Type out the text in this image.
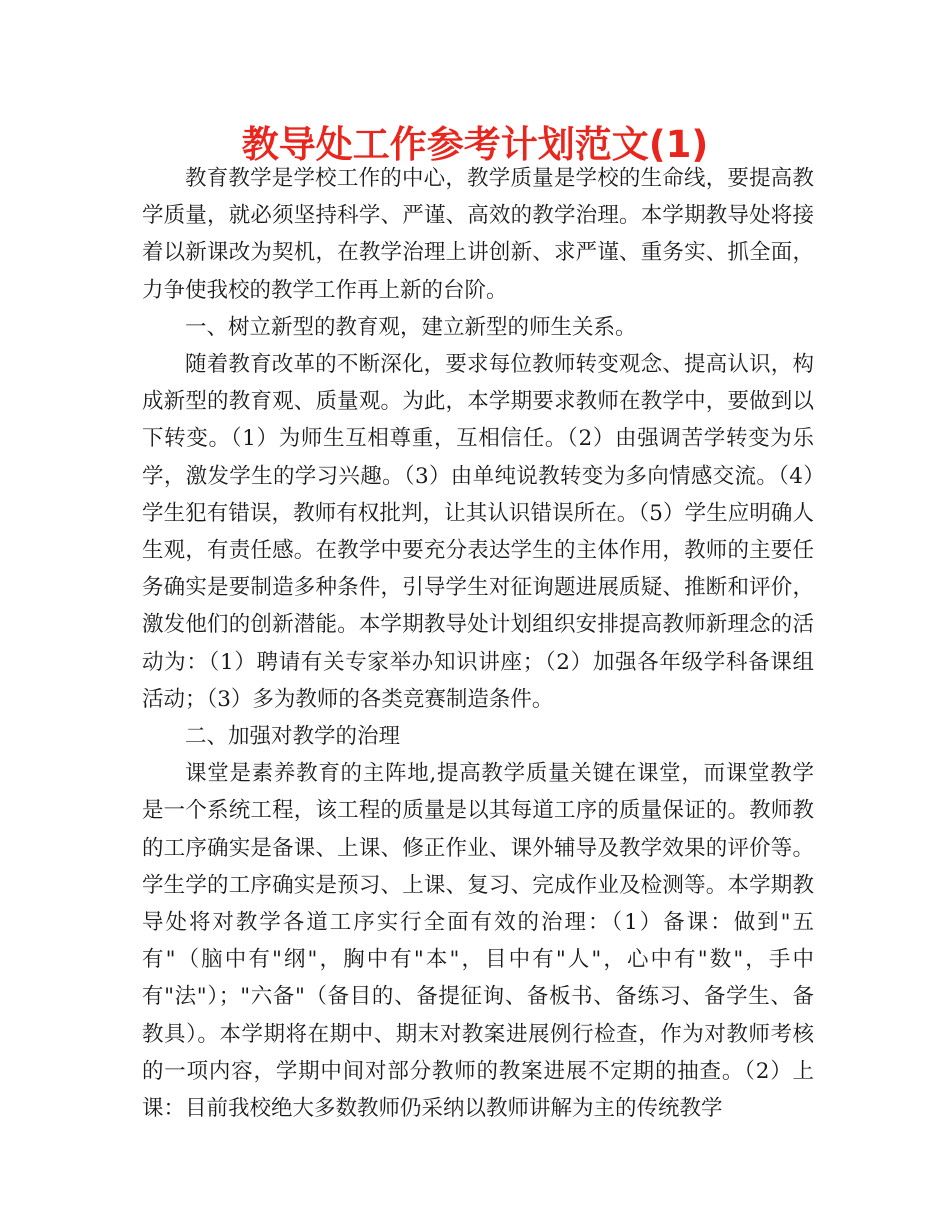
教导处工作参考计划范文(1)

教育教学是学校工作的中心，教学质量是学校的生命线，要提高教学质量，就必须坚持科学、严谨、高效的教学治理。本学期教导处将接着以新课改为契机，在教学治理上讲创新、求严谨、重务实、抓全面，力争使我校的教学工作再上新的台阶。

一、树立新型的教育观，建立新型的师生关系。

随着教育改革的不断深化，要求每位教师转变观念、提高认识，构成新型的教育观、质量观。为此，本学期要求教师在教学中，要做到以下转变。（1）为师生互相尊重，互相信任。（2）由强调苦学转变为乐学，激发学生的学习兴趣。（3）由单纯说教转变为多向情感交流。（4）学生犯有错误，教师有权批判，让其认识错误所在。（5）学生应明确人生观，有责任感。在教学中要充分表达学生的主体作用，教师的主要任务确实是要制造多种条件，引导学生对征询题进展质疑、推断和评价，激发他们的创新潜能。本学期教导处计划组织安排提高教师新理念的活动为：（1）聘请有关专家举办知识讲座；（2）加强各年级学科备课组活动；（3）多为教师的各类竞赛制造条件。

二、加强对教学的治理

课堂是素养教育的主阵地,提高教学质量关键在课堂，而课堂教学是一个系统工程，该工程的质量是以其每道工序的质量保证的。教师教的工序确实是备课、上课、修正作业、课外辅导及教学效果的评价等。学生学的工序确实是预习、上课、复习、完成作业及检测等。本学期教导处将对教学各道工序实行全面有效的治理：（1）备课：做到"五有"（脑中有"纲"，胸中有"本"，目中有"人"，心中有"数"，手中有"法"）；"六备"（备目的、备提征询、备板书、备练习、备学生、备教具）。本学期将在期中、期末对教案进展例行检查，作为对教师考核的一项内容，学期中间对部分教师的教案进展不定期的抽查。（2）上课：目前我校绝大多数教师仍采纳以教师讲解为主的传统教学
